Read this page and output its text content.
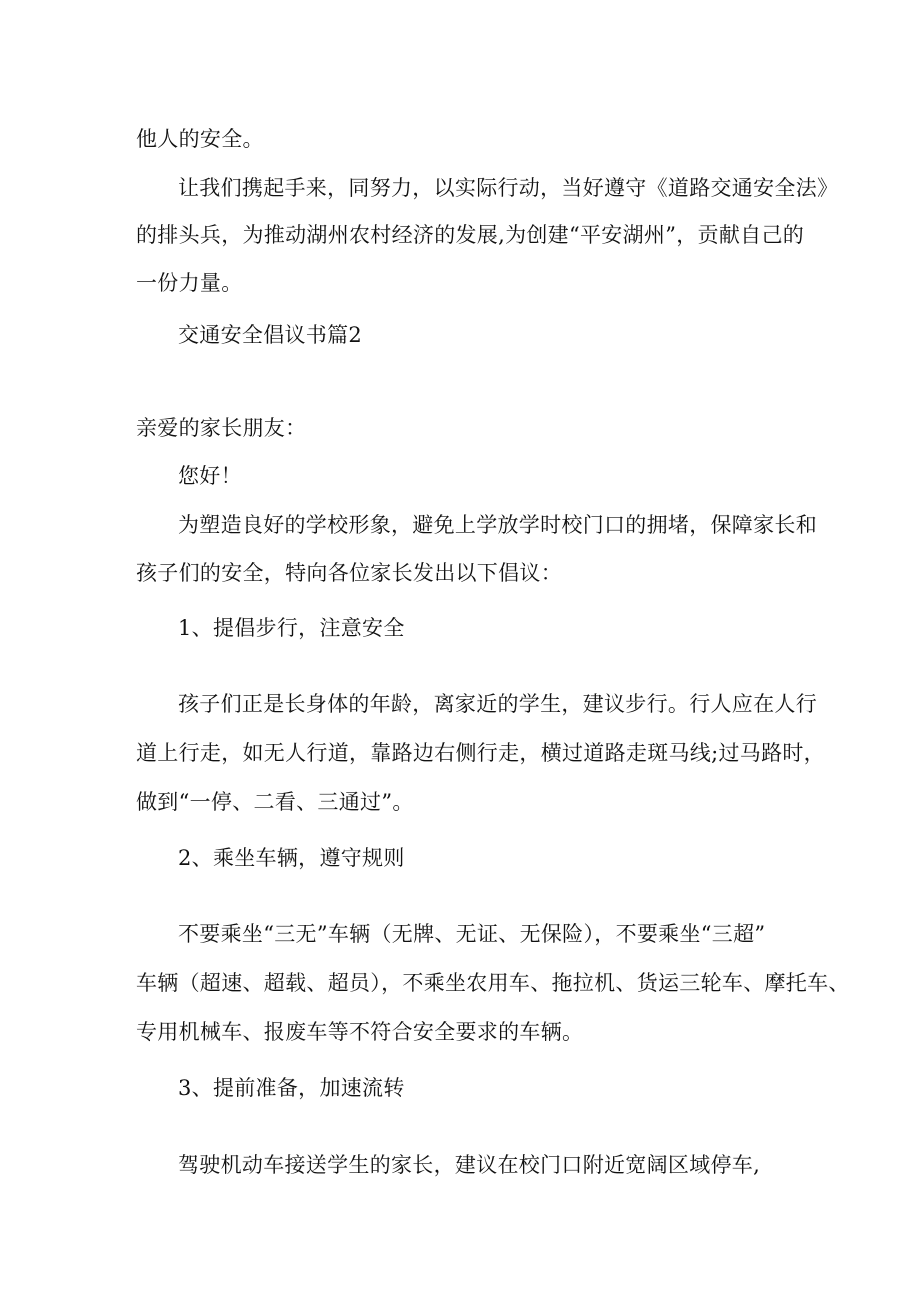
他人的安全。
让我们携起手来，同努力，以实际行动，当好遵守《道路交通安全法》
的排头兵，为推动湖州农村经济的发展,为创建“平安湖州”，贡献自己的
一份力量。
交通安全倡议书篇2
亲爱的家长朋友：
您好！
为塑造良好的学校形象，避免上学放学时校门口的拥堵，保障家长和
孩子们的安全，特向各位家长发出以下倡议：
1、提倡步行，注意安全
孩子们正是长身体的年龄，离家近的学生，建议步行。行人应在人行
道上行走，如无人行道，靠路边右侧行走，横过道路走斑马线;过马路时，
做到“一停、二看、三通过”。
2、乘坐车辆，遵守规则
不要乘坐“三无”车辆（无牌、无证、无保险），不要乘坐“三超”
车辆（超速、超载、超员），不乘坐农用车、拖拉机、货运三轮车、摩托车、
专用机械车、报废车等不符合安全要求的车辆。
3、提前准备，加速流转
驾驶机动车接送学生的家长，建议在校门口附近宽阔区域停车,
